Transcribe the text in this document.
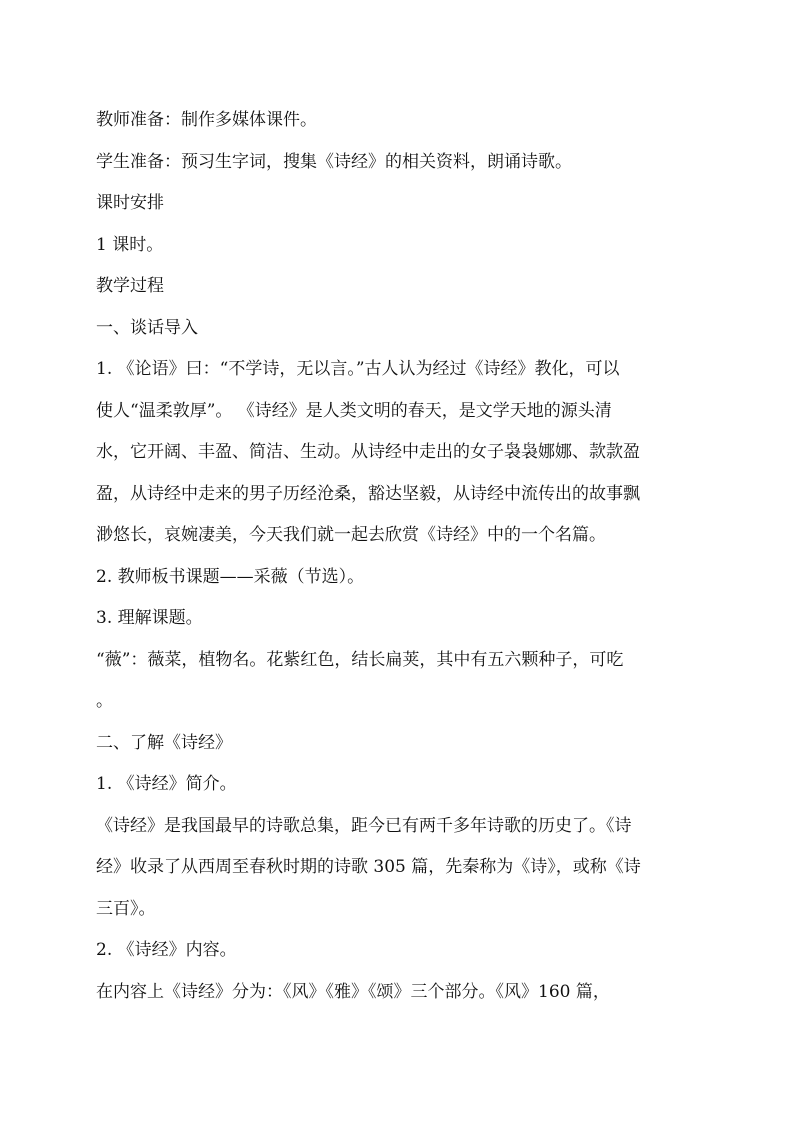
教师准备：制作多媒体课件。

学生准备：预习生字词，搜集《诗经》的相关资料，朗诵诗歌。

课时安排

1 课时。

教学过程

一、谈话导入

1. 《论语》曰：“不学诗，无以言。”古人认为经过《诗经》教化，可以

使人“温柔敦厚”。 《诗经》是人类文明的春天，是文学天地的源头清

水，它开阔、丰盈、简洁、生动。从诗经中走出的女子袅袅娜娜、款款盈

盈，从诗经中走来的男子历经沧桑，豁达坚毅，从诗经中流传出的故事飘

渺悠长，哀婉凄美，今天我们就一起去欣赏《诗经》中的一个名篇。

2. 教师板书课题——采薇（节选）。

3. 理解课题。

“薇”：薇菜，植物名。花紫红色，结长扁荚，其中有五六颗种子，可吃

。

二、了解《诗经》

1. 《诗经》简介。

《诗经》是我国最早的诗歌总集，距今已有两千多年诗歌的历史了。《诗

经》收录了从西周至春秋时期的诗歌 305 篇，先秦称为《诗》，或称《诗

三百》。

2. 《诗经》内容。

在内容上《诗经》分为：《风》《雅》《颂》三个部分。《风》160 篇，
